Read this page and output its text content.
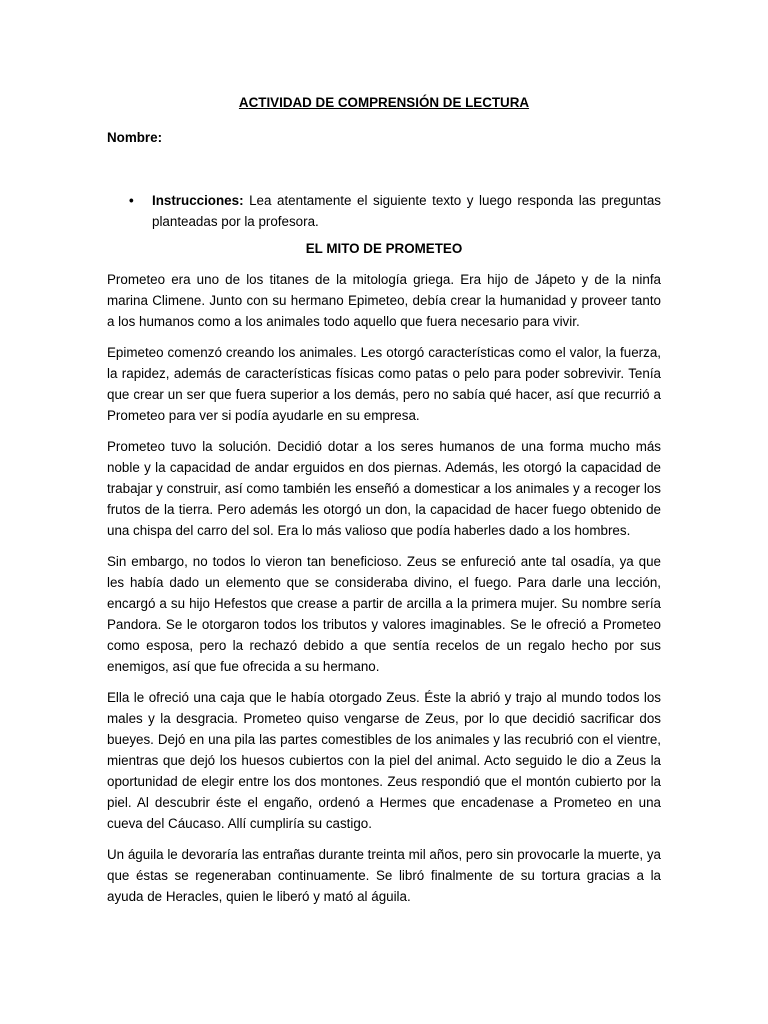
ACTIVIDAD DE COMPRENSIÓN DE LECTURA
Nombre:
• Instrucciones: Lea atentamente el siguiente texto y luego responda las preguntas planteadas por la profesora.
EL MITO DE PROMETEO

Prometeo era uno de los titanes de la mitología griega. Era hijo de Jápeto y de la ninfa marina Climene. Junto con su hermano Epimeteo, debía crear la humanidad y proveer tanto a los humanos como a los animales todo aquello que fuera necesario para vivir.

Epimeteo comenzó creando los animales. Les otorgó características como el valor, la fuerza, la rapidez, además de características físicas como patas o pelo para poder sobrevivir. Tenía que crear un ser que fuera superior a los demás, pero no sabía qué hacer, así que recurrió a Prometeo para ver si podía ayudarle en su empresa.

Prometeo tuvo la solución. Decidió dotar a los seres humanos de una forma mucho más noble y la capacidad de andar erguidos en dos piernas. Además, les otorgó la capacidad de trabajar y construir, así como también les enseñó a domesticar a los animales y a recoger los frutos de la tierra. Pero además les otorgó un don, la capacidad de hacer fuego obtenido de una chispa del carro del sol. Era lo más valioso que podía haberles dado a los hombres.

Sin embargo, no todos lo vieron tan beneficioso. Zeus se enfureció ante tal osadía, ya que les había dado un elemento que se consideraba divino, el fuego. Para darle una lección, encargó a su hijo Hefestos que crease a partir de arcilla a la primera mujer. Su nombre sería Pandora. Se le otorgaron todos los tributos y valores imaginables. Se le ofreció a Prometeo como esposa, pero la rechazó debido a que sentía recelos de un regalo hecho por sus enemigos, así que fue ofrecida a su hermano.

Ella le ofreció una caja que le había otorgado Zeus. Éste la abrió y trajo al mundo todos los males y la desgracia. Prometeo quiso vengarse de Zeus, por lo que decidió sacrificar dos bueyes. Dejó en una pila las partes comestibles de los animales y las recubrió con el vientre, mientras que dejó los huesos cubiertos con la piel del animal. Acto seguido le dio a Zeus la oportunidad de elegir entre los dos montones. Zeus respondió que el montón cubierto por la piel. Al descubrir éste el engaño, ordenó a Hermes que encadenase a Prometeo en una cueva del Cáucaso. Allí cumpliría su castigo.

Un águila le devoraría las entrañas durante treinta mil años, pero sin provocarle la muerte, ya que éstas se regeneraban continuamente. Se libró finalmente de su tortura gracias a la ayuda de Heracles, quien le liberó y mató al águila.
